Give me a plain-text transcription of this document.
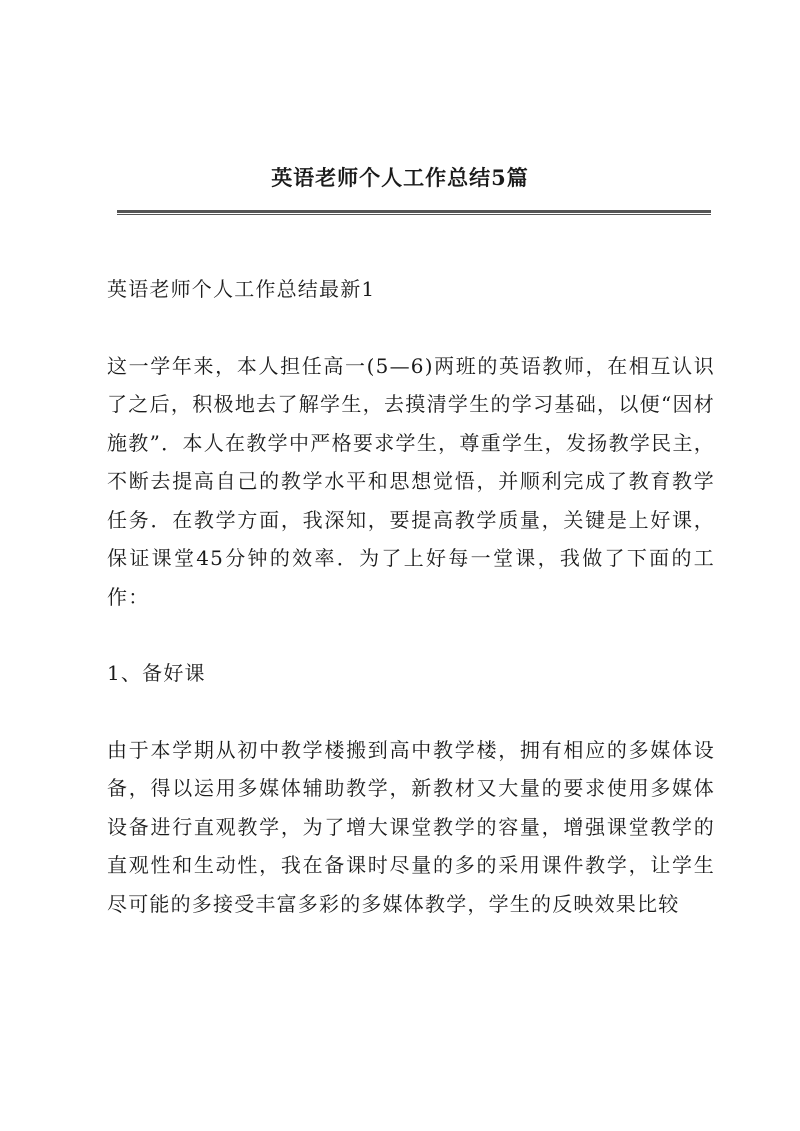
英语老师个人工作总结5篇

英语老师个人工作总结最新1

这一学年来，本人担任高一(5—6)两班的英语教师，在相互认识了之后，积极地去了解学生，去摸清学生的学习基础，以便“因材施教”．本人在教学中严格要求学生，尊重学生，发扬教学民主，不断去提高自己的教学水平和思想觉悟，并顺利完成了教育教学任务．在教学方面，我深知，要提高教学质量，关键是上好课，保证课堂45分钟的效率．为了上好每一堂课，我做了下面的工作：

1、备好课

由于本学期从初中教学楼搬到高中教学楼，拥有相应的多媒体设备，得以运用多媒体辅助教学，新教材又大量的要求使用多媒体设备进行直观教学，为了增大课堂教学的容量，增强课堂教学的直观性和生动性，我在备课时尽量的多的采用课件教学，让学生尽可能的多接受丰富多彩的多媒体教学，学生的反映效果比较
